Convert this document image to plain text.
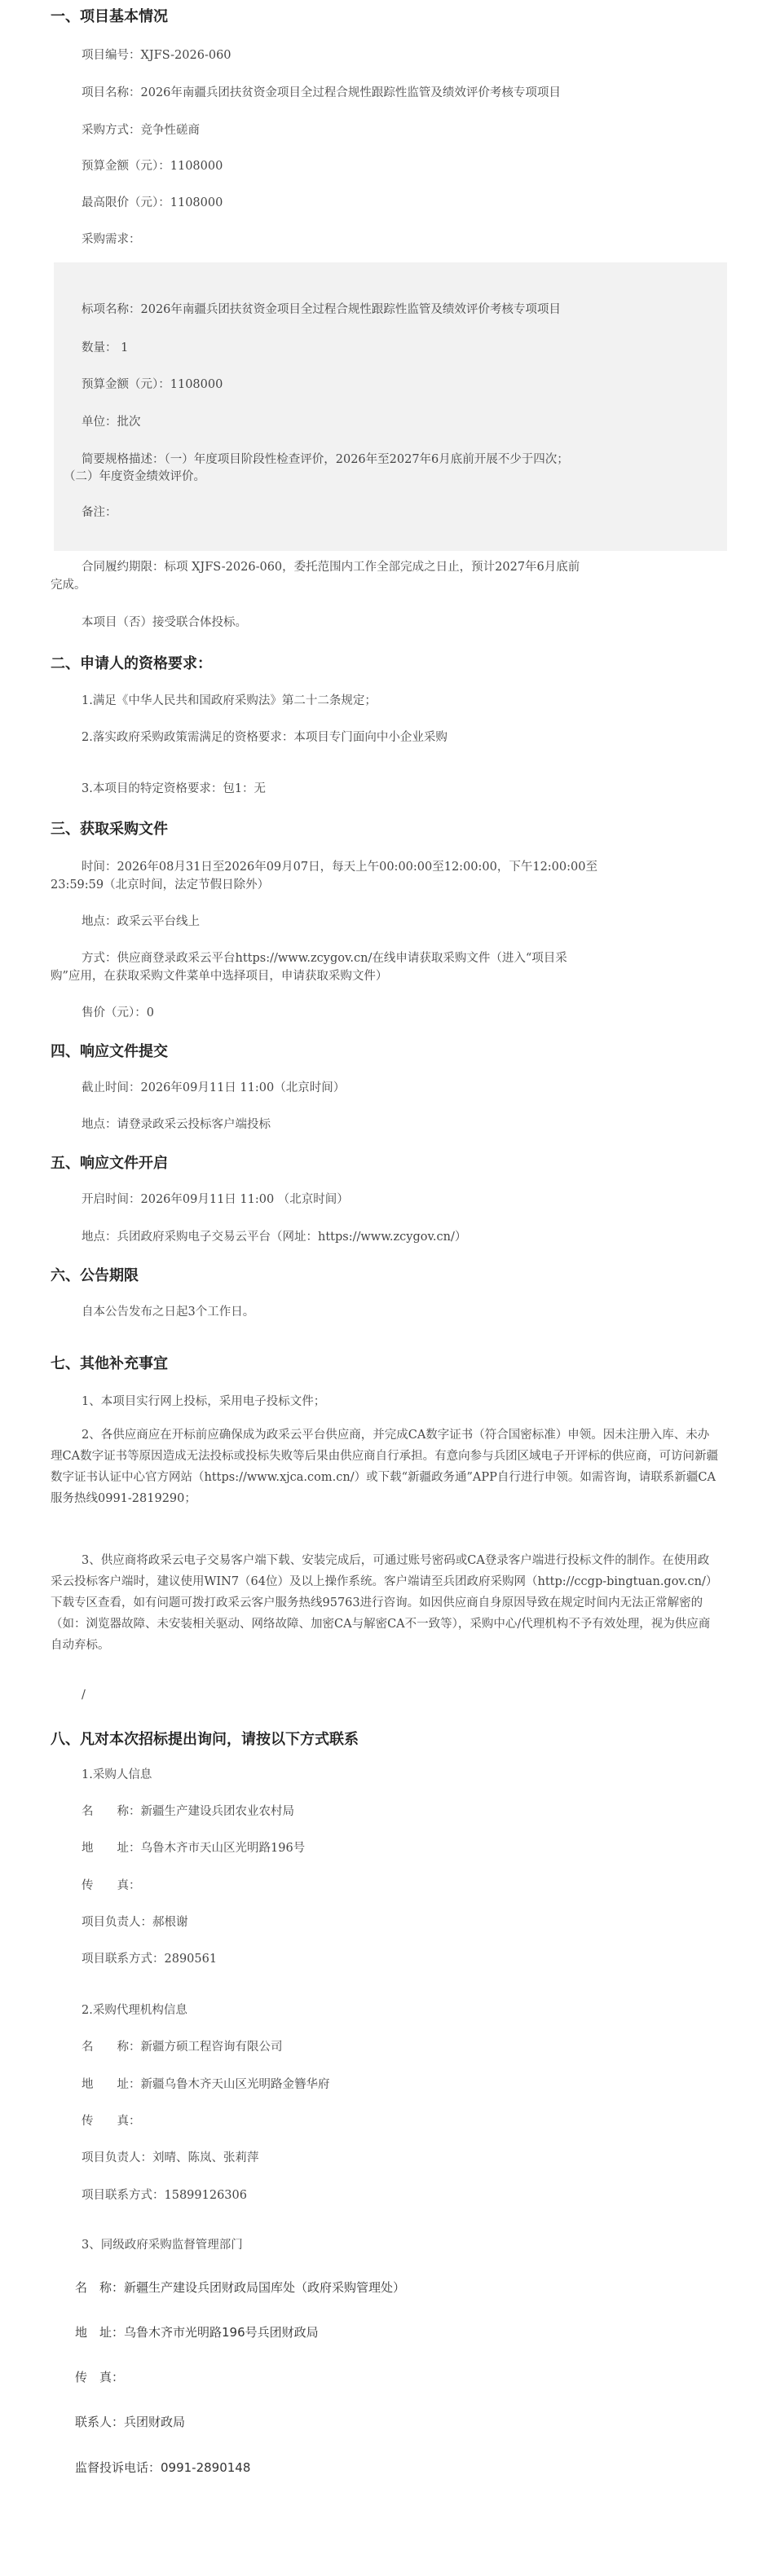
一、项目基本情况
项目编号：XJFS-2026-060
项目名称：2026年南疆兵团扶贫资金项目全过程合规性跟踪性监管及绩效评价考核专项项目
采购方式：竞争性磋商
预算金额（元）：1108000
最高限价（元）：1108000
采购需求：
标项名称：2026年南疆兵团扶贫资金项目全过程合规性跟踪性监管及绩效评价考核专项项目
数量： 1
预算金额（元）：1108000
单位：批次
简要规格描述：（一）年度项目阶段性检查评价，2026年至2027年6月底前开展不少于四次；
（二）年度资金绩效评价。
备注：
合同履约期限：标项 XJFS-2026-060，委托范围内工作全部完成之日止，预计2027年6月底前
完成。
本项目（否）接受联合体投标。
二、申请人的资格要求：
1.满足《中华人民共和国政府采购法》第二十二条规定；
2.落实政府采购政策需满足的资格要求：本项目专门面向中小企业采购
3.本项目的特定资格要求：包1：无
三、获取采购文件
时间：2026年08月31日至2026年09月07日，每天上午00:00:00至12:00:00，下午12:00:00至
23:59:59（北京时间，法定节假日除外）
地点：政采云平台线上
方式：供应商登录政采云平台https://www.zcygov.cn/在线申请获取采购文件（进入“项目采
购”应用，在获取采购文件菜单中选择项目，申请获取采购文件）
售价（元）：0
四、响应文件提交
截止时间：2026年09月11日 11:00（北京时间）
地点：请登录政采云投标客户端投标
五、响应文件开启
开启时间：2026年09月11日 11:00 （北京时间）
地点：兵团政府采购电子交易云平台（网址：https://www.zcygov.cn/）
六、公告期限
自本公告发布之日起3个工作日。
七、其他补充事宜
1、本项目实行网上投标，采用电子投标文件；
2、各供应商应在开标前应确保成为政采云平台供应商，并完成CA数字证书（符合国密标准）申领。因未注册入库、未办理CA数字证书等原因造成无法投标或投标失败等后果由供应商自行承担。有意向参与兵团区域电子开评标的供应商，可访问新疆数字证书认证中心官方网站（https://www.xjca.com.cn/）或下载“新疆政务通”APP自行进行申领。如需咨询，请联系新疆CA服务热线0991-2819290；
3、供应商将政采云电子交易客户端下载、安装完成后，可通过账号密码或CA登录客户端进行投标文件的制作。在使用政采云投标客户端时，建议使用WIN7（64位）及以上操作系统。客户端请至兵团政府采购网（http://ccgp-bingtuan.gov.cn/）下载专区查看，如有问题可拨打政采云客户服务热线95763进行咨询。如因供应商自身原因导致在规定时间内无法正常解密的（如：浏览器故障、未安装相关驱动、网络故障、加密CA与解密CA不一致等），采购中心/代理机构不予有效处理，视为供应商自动弃标。
/
八、凡对本次招标提出询问，请按以下方式联系
1.采购人信息
名　　称：新疆生产建设兵团农业农村局
地　　址：乌鲁木齐市天山区光明路196号
传　　真：
项目负责人：郝根谢
项目联系方式：2890561
2.采购代理机构信息
名　　称：新疆方硕工程咨询有限公司
地　　址：新疆乌鲁木齐天山区光明路金簪华府
传　　真：
项目负责人：刘晴、陈岚、张莉萍
项目联系方式：15899126306
3、同级政府采购监督管理部门
名　称：新疆生产建设兵团财政局国库处（政府采购管理处）
地　址：乌鲁木齐市光明路196号兵团财政局
传　真：
联系人：兵团财政局
监督投诉电话：0991-2890148
